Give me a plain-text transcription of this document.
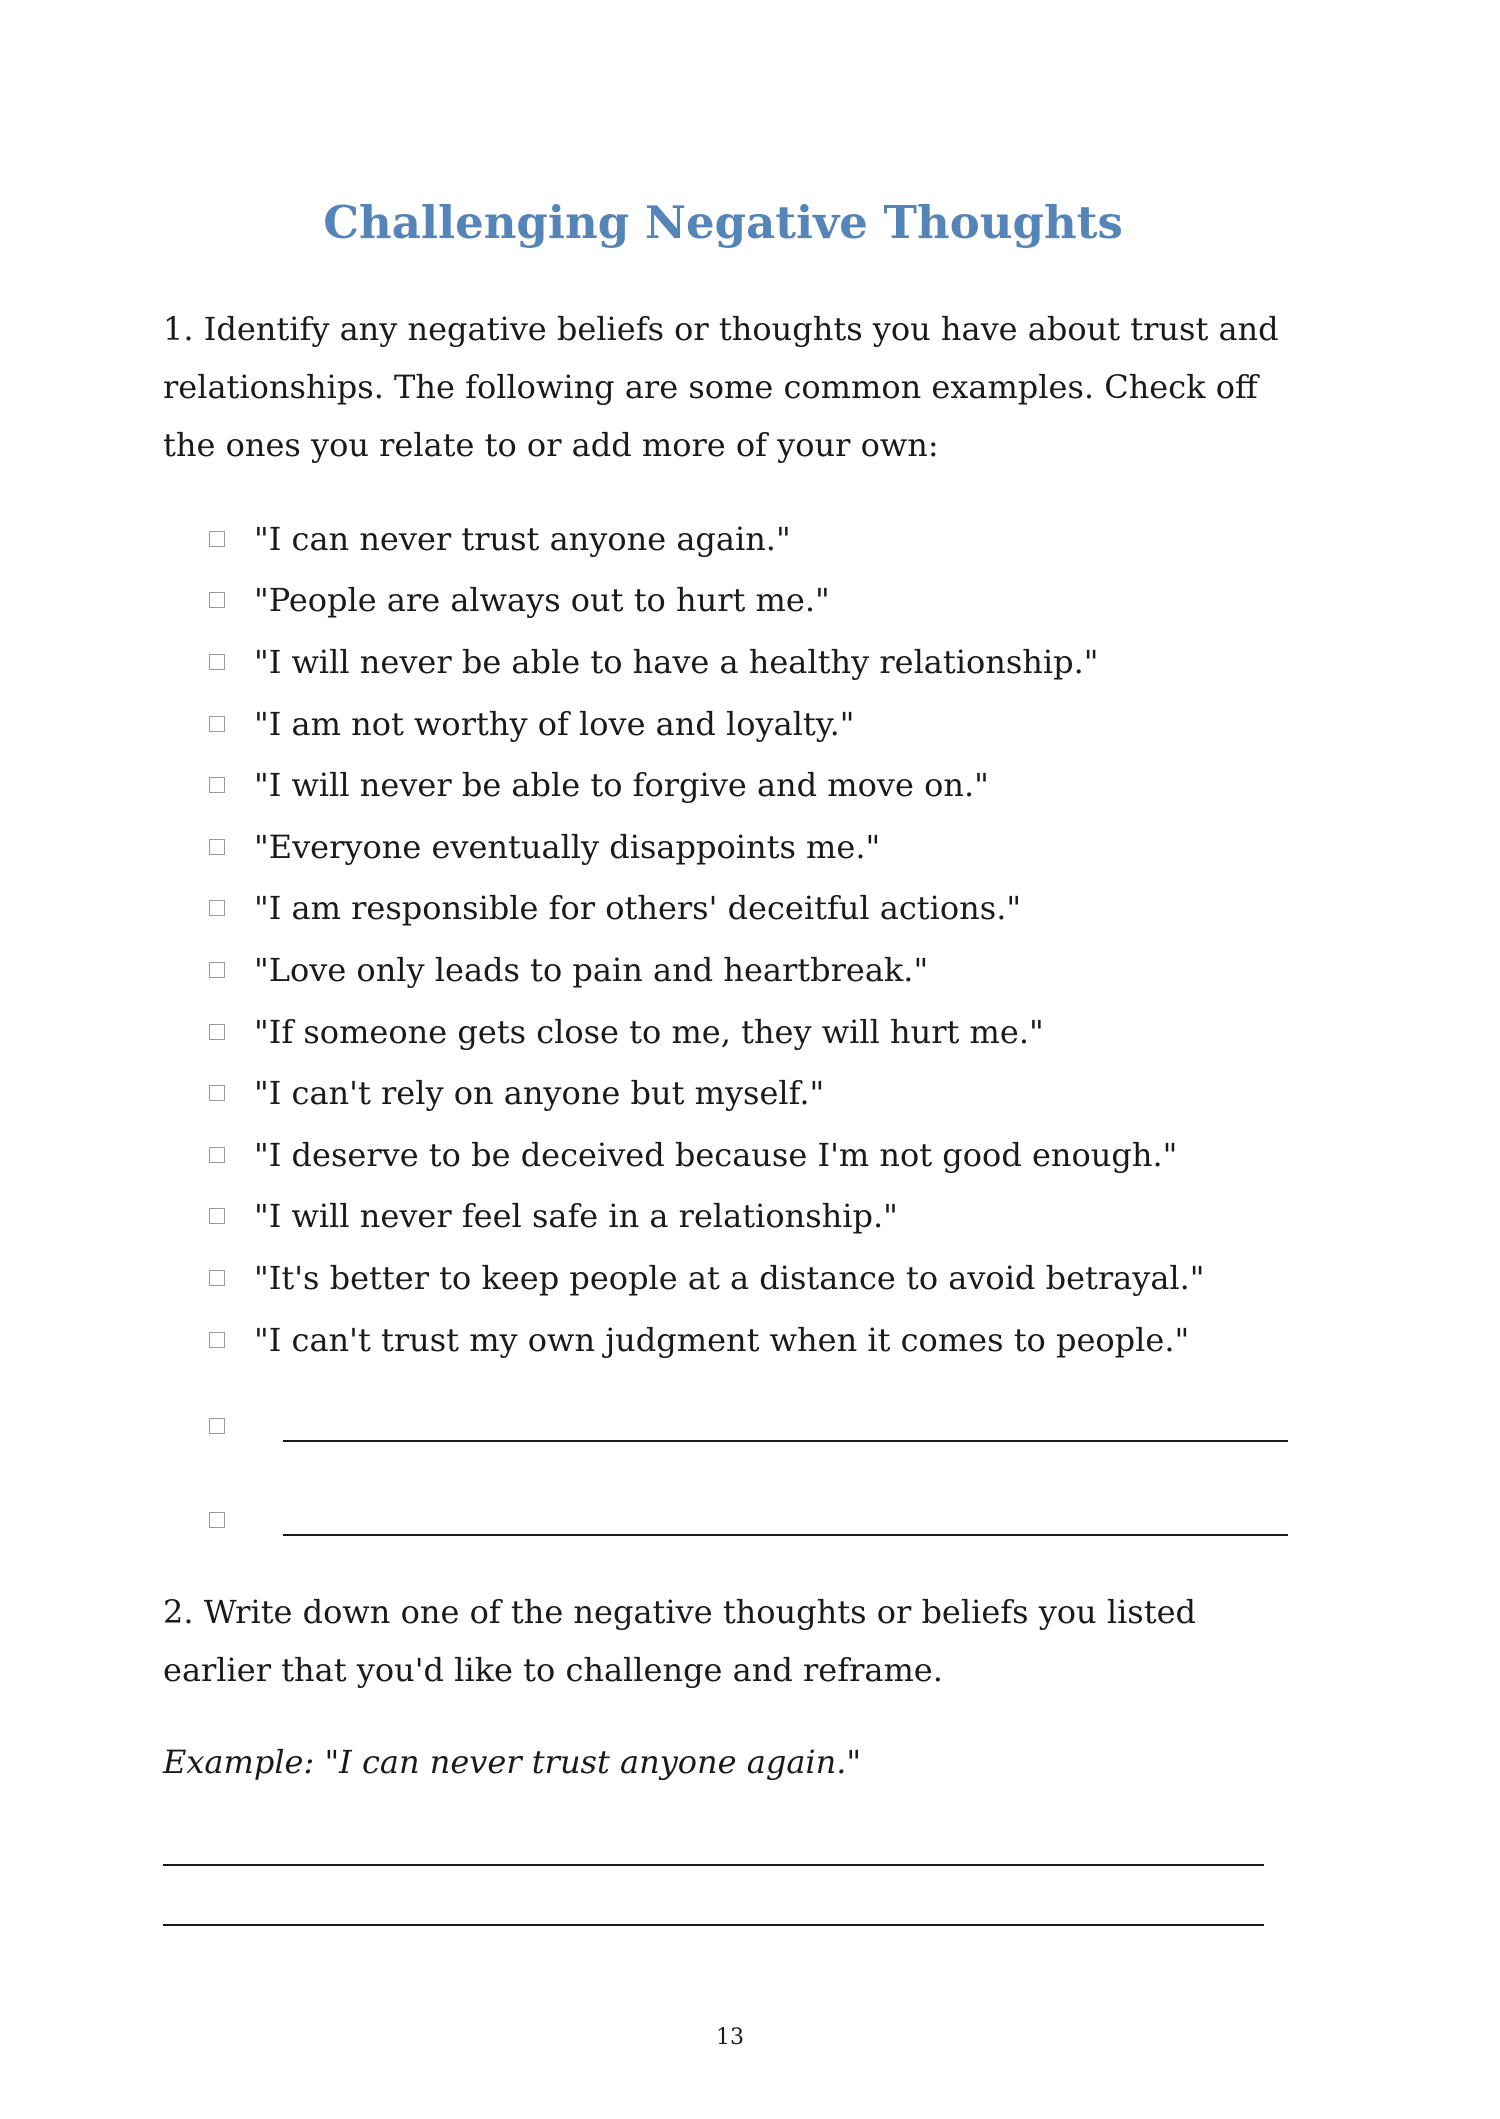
Challenging Negative Thoughts

1. Identify any negative beliefs or thoughts you have about trust and relationships. The following are some common examples. Check off the ones you relate to or add more of your own:

"I can never trust anyone again."
"People are always out to hurt me."
"I will never be able to have a healthy relationship."
"I am not worthy of love and loyalty."
"I will never be able to forgive and move on."
"Everyone eventually disappoints me."
"I am responsible for others' deceitful actions."
"Love only leads to pain and heartbreak."
"If someone gets close to me, they will hurt me."
"I can't rely on anyone but myself."
"I deserve to be deceived because I'm not good enough."
"I will never feel safe in a relationship."
"It's better to keep people at a distance to avoid betrayal."
"I can't trust my own judgment when it comes to people."

2. Write down one of the negative thoughts or beliefs you listed earlier that you'd like to challenge and reframe.

Example: "I can never trust anyone again."

13
